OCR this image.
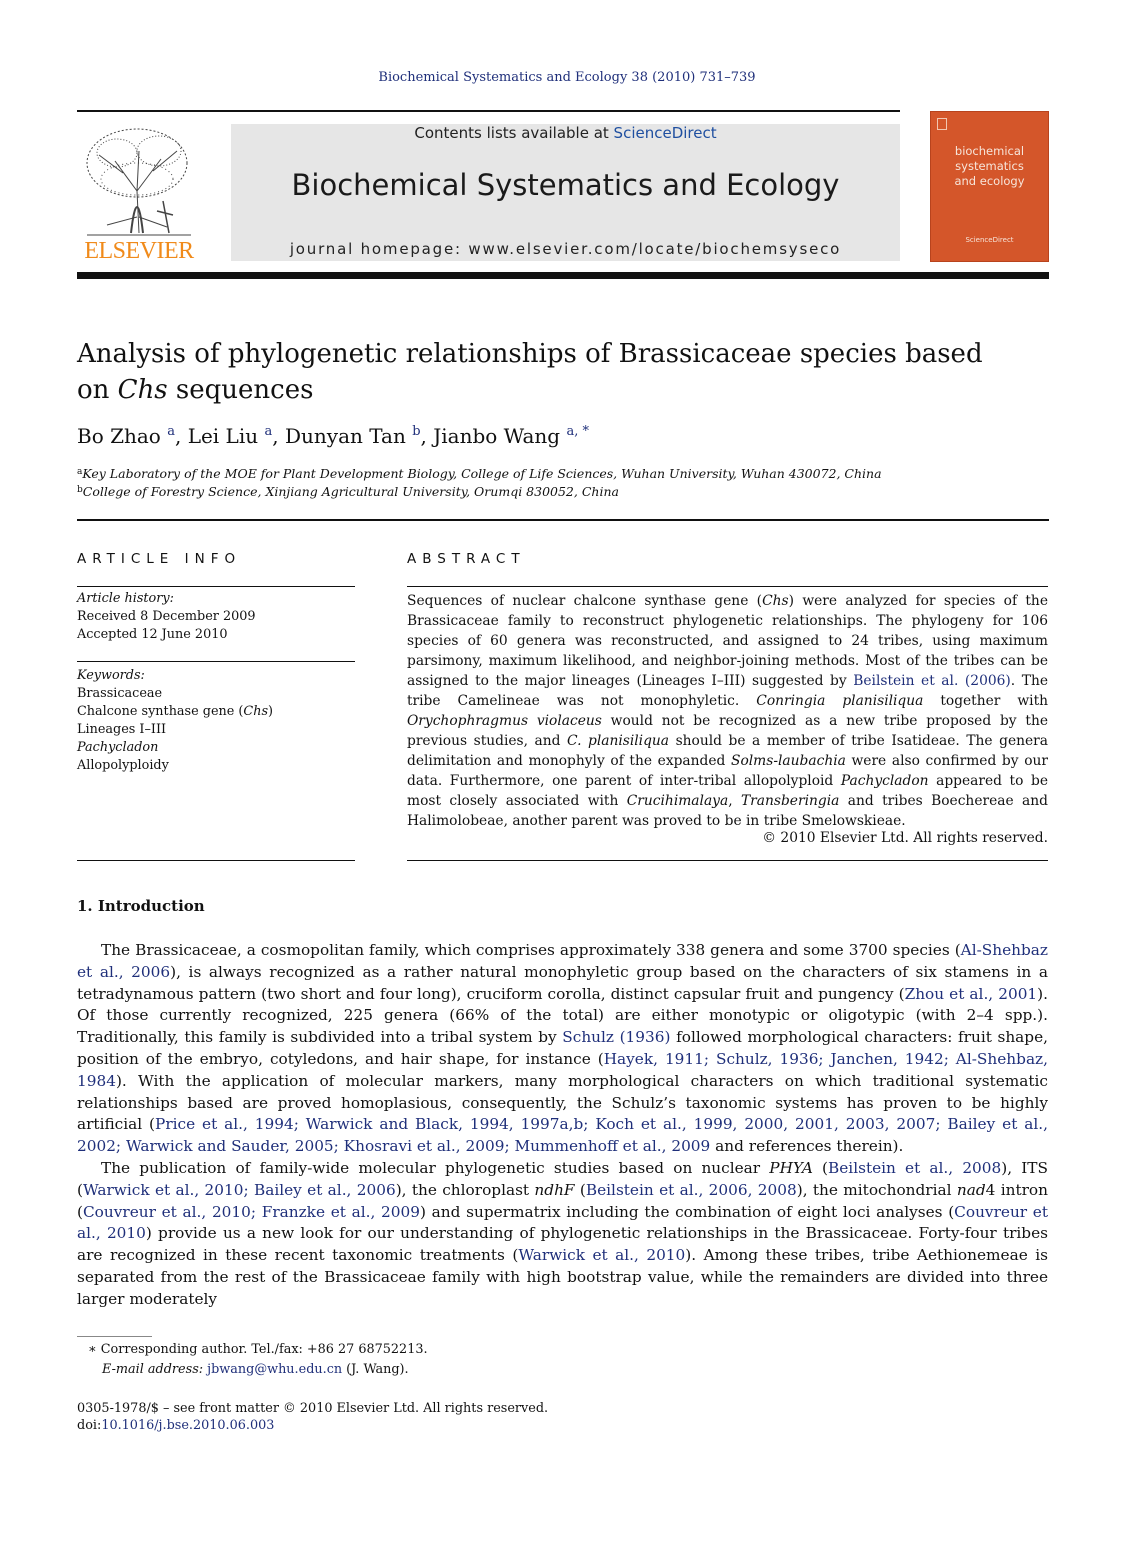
Biochemical Systematics and Ecology 38 (2010) 731–739
ELSEVIER
Contents lists available at ScienceDirect
Biochemical Systematics and Ecology
journal homepage: www.elsevier.com/locate/biochemsyseco
biochemical
systematics
and ecology
ScienceDirect
Analysis of phylogenetic relationships of Brassicaceae species based
on Chs sequences
Bo Zhao $^a$, Lei Liu $^a$, Dunyan Tan $^b$, Jianbo Wang $^{a, *}$
$^a$Key Laboratory of the MOE for Plant Development Biology, College of Life Sciences, Wuhan University, Wuhan 430072, China
$^b$College of Forestry Science, Xinjiang Agricultural University, Orumqi 830052, China
ARTICLE INFO
Article history:
Received 8 December 2009
Accepted 12 June 2010
Keywords:
Brassicaceae
Chalcone synthase gene (Chs)
Lineages I–III
Pachycladon
Allopolyploidy
ABSTRACT
Sequences of nuclear chalcone synthase gene (Chs) were analyzed for species of the Brassicaceae family to reconstruct phylogenetic relationships. The phylogeny for 106 species of 60 genera was reconstructed, and assigned to 24 tribes, using maximum parsimony, maximum likelihood, and neighbor-joining methods. Most of the tribes can be assigned to the major lineages (Lineages I–III) suggested by Beilstein et al. (2006). The tribe Camelineae was not monophyletic. Conringia planisiliqua together with Orychophragmus violaceus would not be recognized as a new tribe proposed by the previous studies, and C. planisiliqua should be a member of tribe Isatideae. The genera delimitation and monophyly of the expanded Solms-laubachia were also confirmed by our data. Furthermore, one parent of inter-tribal allopolyploid Pachycladon appeared to be most closely associated with Crucihimalaya, Transberingia and tribes Boechereae and Halimolobeae, another parent was proved to be in tribe Smelowskieae.
© 2010 Elsevier Ltd. All rights reserved.
1. Introduction

The Brassicaceae, a cosmopolitan family, which comprises approximately 338 genera and some 3700 species (Al-Shehbaz et al., 2006), is always recognized as a rather natural monophyletic group based on the characters of six stamens in a tetradynamous pattern (two short and four long), cruciform corolla, distinct capsular fruit and pungency (Zhou et al., 2001). Of those currently recognized, 225 genera (66% of the total) are either monotypic or oligotypic (with 2–4 spp.). Traditionally, this family is subdivided into a tribal system by Schulz (1936) followed morphological characters: fruit shape, position of the embryo, cotyledons, and hair shape, for instance (Hayek, 1911; Schulz, 1936; Janchen, 1942; Al-Shehbaz, 1984). With the application of molecular markers, many morphological characters on which traditional systematic relationships based are proved homoplasious, consequently, the Schulz’s taxonomic systems has proven to be highly artificial (Price et al., 1994; Warwick and Black, 1994, 1997a,b; Koch et al., 1999, 2000, 2001, 2003, 2007; Bailey et al., 2002; Warwick and Sauder, 2005; Khosravi et al., 2009; Mummenhoff et al., 2009 and references therein).

The publication of family-wide molecular phylogenetic studies based on nuclear PHYA (Beilstein et al., 2008), ITS (Warwick et al., 2010; Bailey et al., 2006), the chloroplast ndhF (Beilstein et al., 2006, 2008), the mitochondrial nad4 intron (Couvreur et al., 2010; Franzke et al., 2009) and supermatrix including the combination of eight loci analyses (Couvreur et al., 2010) provide us a new look for our understanding of phylogenetic relationships in the Brassicaceae. Forty-four tribes are recognized in these recent taxonomic treatments (Warwick et al., 2010). Among these tribes, tribe Aethionemeae is separated from the rest of the Brassicaceae family with high bootstrap value, while the remainders are divided into three larger moderately

∗ Corresponding author. Tel./fax: +86 27 68752213.
E-mail address: jbwang@whu.edu.cn (J. Wang).
0305-1978/$ – see front matter © 2010 Elsevier Ltd. All rights reserved.
doi:10.1016/j.bse.2010.06.003
